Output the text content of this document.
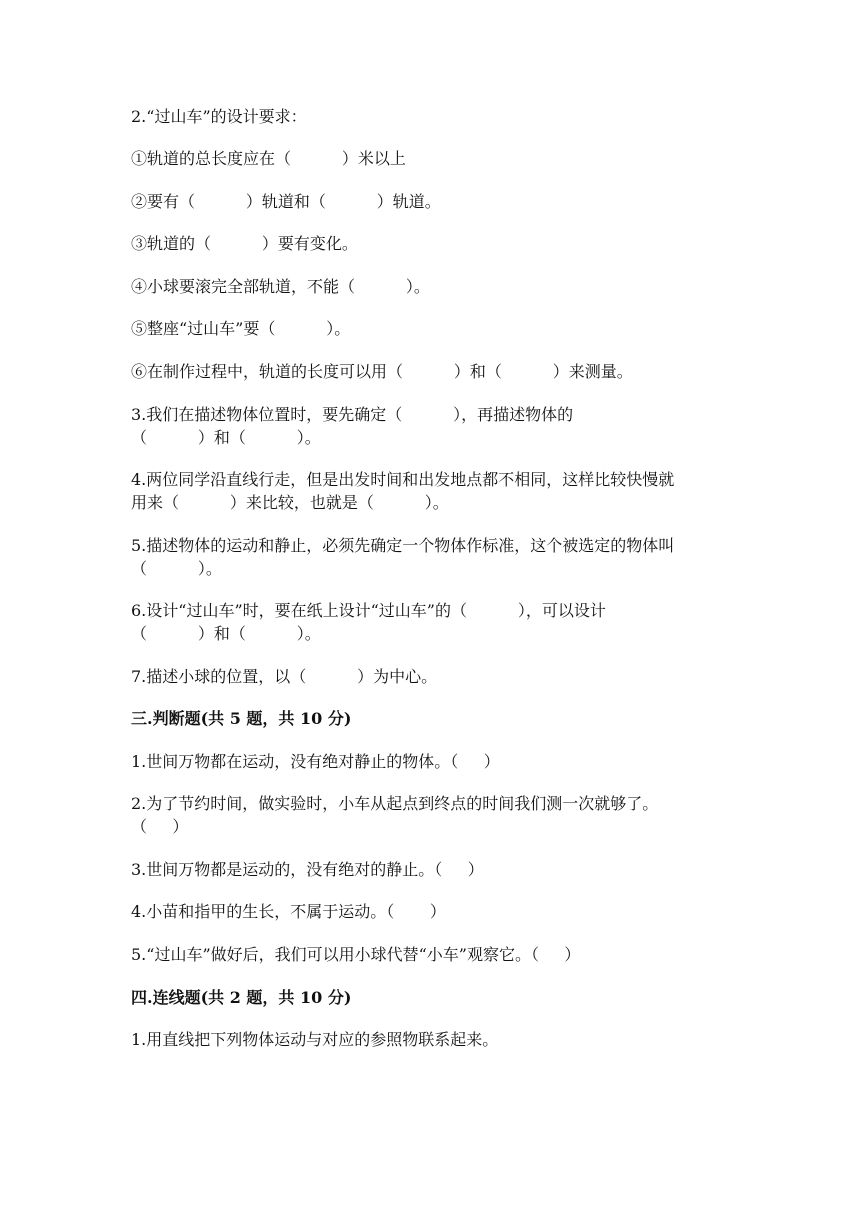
2.“过山车”的设计要求：

①轨道的总长度应在（          ）米以上

②要有（          ）轨道和（          ）轨道。

③轨道的（          ）要有变化。

④小球要滚完全部轨道，不能（          ）。

⑤整座“过山车”要（          ）。

⑥在制作过程中，轨道的长度可以用（          ）和（          ）来测量。

3.我们在描述物体位置时，要先确定（          ），再描述物体的

（          ）和（          ）。

4.两位同学沿直线行走，但是出发时间和出发地点都不相同，这样比较快慢就

用来（          ）来比较，也就是（          ）。

5.描述物体的运动和静止，必须先确定一个物体作标准，这个被选定的物体叫

（          ）。

6.设计“过山车”时，要在纸上设计“过山车”的（          ），可以设计

（          ）和（          ）。

7.描述小球的位置，以（          ）为中心。

三.判断题(共 5 题，共 10 分)

1.世间万物都在运动，没有绝对静止的物体。（     ）

2.为了节约时间，做实验时，小车从起点到终点的时间我们测一次就够了。

（     ）

3.世间万物都是运动的，没有绝对的静止。（     ）

4.小苗和指甲的生长，不属于运动。（       ）

5.“过山车”做好后，我们可以用小球代替“小车”观察它。（     ）

四.连线题(共 2 题，共 10 分)

1.用直线把下列物体运动与对应的参照物联系起来。
